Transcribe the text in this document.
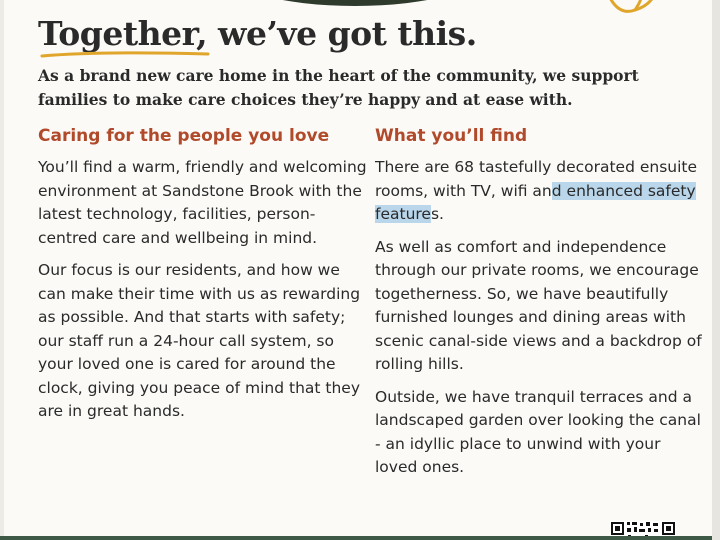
Together, we’ve got this.

As a brand new care home in the heart of the community, we support families to make care choices they’re happy and at ease with.

Caring for the people you love

You’ll find a warm, friendly and welcoming environment at Sandstone Brook with the latest technology, facilities, person-centred care and wellbeing in mind.

Our focus is our residents, and how we can make their time with us as rewarding as possible. And that starts with safety; our staff run a 24-hour call system, so your loved one is cared for around the clock, giving you peace of mind that they are in great hands.

What you’ll find

There are 68 tastefully decorated ensuite rooms, with TV, wifi and enhanced safety features.

As well as comfort and independence through our private rooms, we encourage togetherness. So, we have beautifully furnished lounges and dining areas with scenic canal-side views and a backdrop of rolling hills.

Outside, we have tranquil terraces and a landscaped garden over looking the canal - an idyllic place to unwind with your loved ones.
